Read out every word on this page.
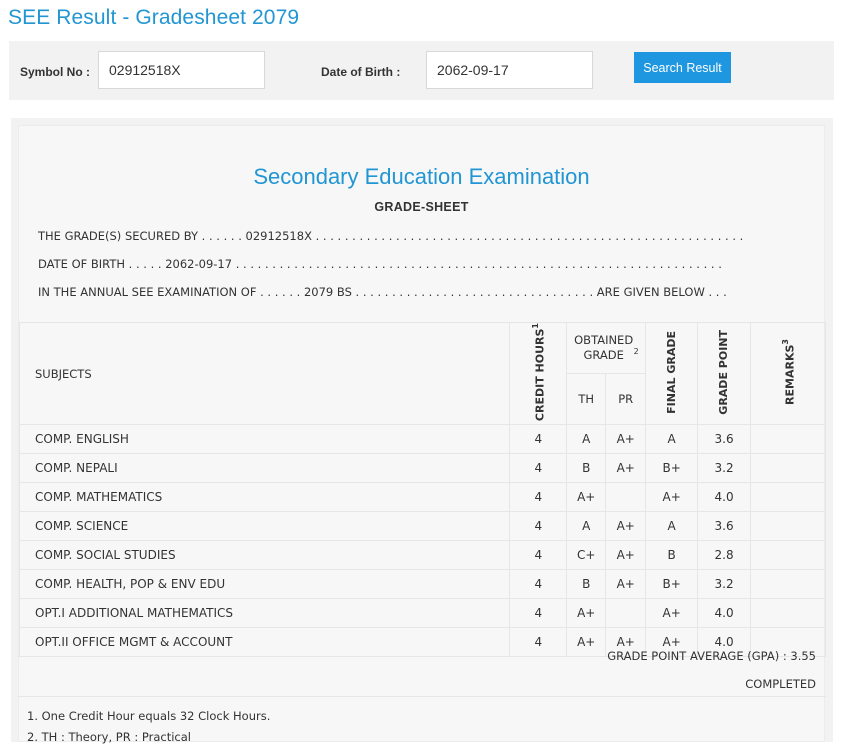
SEE Result - Gradesheet 2079
Symbol No :
02912518X	Date of Birth :
2062-09-17	Search Result
Secondary Education Examination
GRADE-SHEET
THE GRADE(S) SECURED BY . . . . . . 02912518X . . . . . . . . . . . . . . . . . . . . . . . . . . . . . . . . . . . . . . . . . . . . . . . . . . . . . . . . . . .
DATE OF BIRTH . . . . . 2062-09-17 . . . . . . . . . . . . . . . . . . . . . . . . . . . . . . . . . . . . . . . . . . . . . . . . . . . . . . . . . . . . . . . . . . .
IN THE ANNUAL SEE EXAMINATION OF . . . . . . 2079 BS . . . . . . . . . . . . . . . . . . . . . . . . . . . . . . . . . ARE GIVEN BELOW . . .
SUBJECTS	CREDIT HOURS$^1$	OBTAINED GRADE $^2$		FINAL GRADE	GRADE POINT	REMARKS$^3$
		TH	PR			
COMP. ENGLISH	4	A	A+	A	3.6	
COMP. NEPALI	4	B	A+	B+	3.2	
COMP. MATHEMATICS	4	A+		A+	4.0	
COMP. SCIENCE	4	A	A+	A	3.6	
COMP. SOCIAL STUDIES	4	C+	A+	B	2.8	
COMP. HEALTH, POP & ENV EDU	4	B	A+	B+	3.2	
OPT.I ADDITIONAL MATHEMATICS	4	A+		A+	4.0	
OPT.II OFFICE MGMT & ACCOUNT	4	A+	A+	A+	4.0	
GRADE POINT AVERAGE (GPA) : 3.55
COMPLETED
1. One Credit Hour equals 32 Clock Hours.
2. TH : Theory, PR : Practical
